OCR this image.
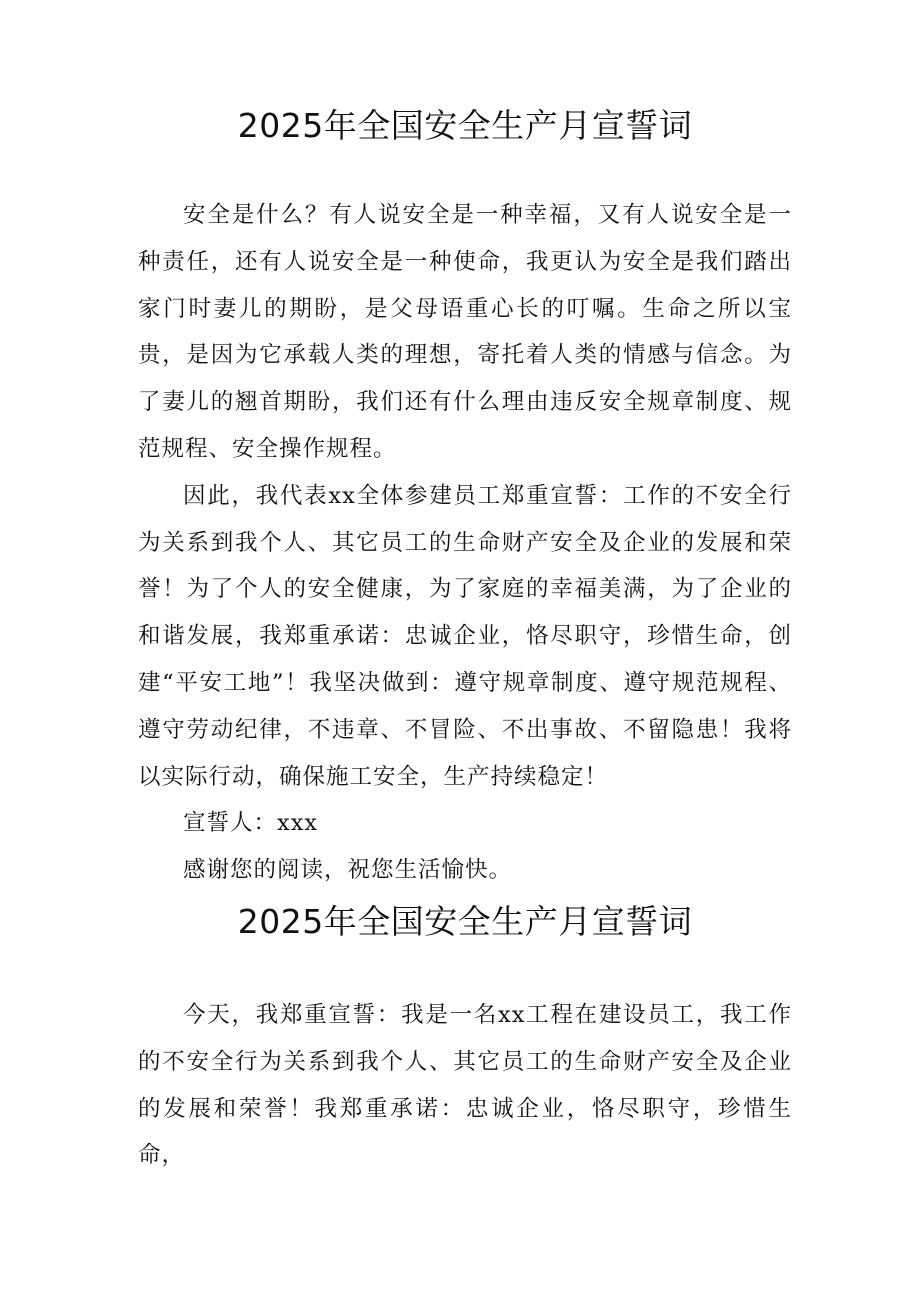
2025年全国安全生产月宣誓词

安全是什么？有人说安全是一种幸福，又有人说安全是一种责任，还有人说安全是一种使命，我更认为安全是我们踏出家门时妻儿的期盼，是父母语重心长的叮嘱。生命之所以宝贵，是因为它承载人类的理想，寄托着人类的情感与信念。为了妻儿的翘首期盼，我们还有什么理由违反安全规章制度、规范规程、安全操作规程。

因此，我代表xx全体参建员工郑重宣誓：工作的不安全行为关系到我个人、其它员工的生命财产安全及企业的发展和荣誉！为了个人的安全健康，为了家庭的幸福美满，为了企业的和谐发展，我郑重承诺：忠诚企业，恪尽职守，珍惜生命，创建“平安工地”！我坚决做到：遵守规章制度、遵守规范规程、遵守劳动纪律，不违章、不冒险、不出事故、不留隐患！我将以实际行动，确保施工安全，生产持续稳定！

宣誓人：xxx

感谢您的阅读，祝您生活愉快。

2025年全国安全生产月宣誓词

今天，我郑重宣誓：我是一名xx工程在建设员工，我工作的不安全行为关系到我个人、其它员工的生命财产安全及企业的发展和荣誉！我郑重承诺：忠诚企业，恪尽职守，珍惜生命，
